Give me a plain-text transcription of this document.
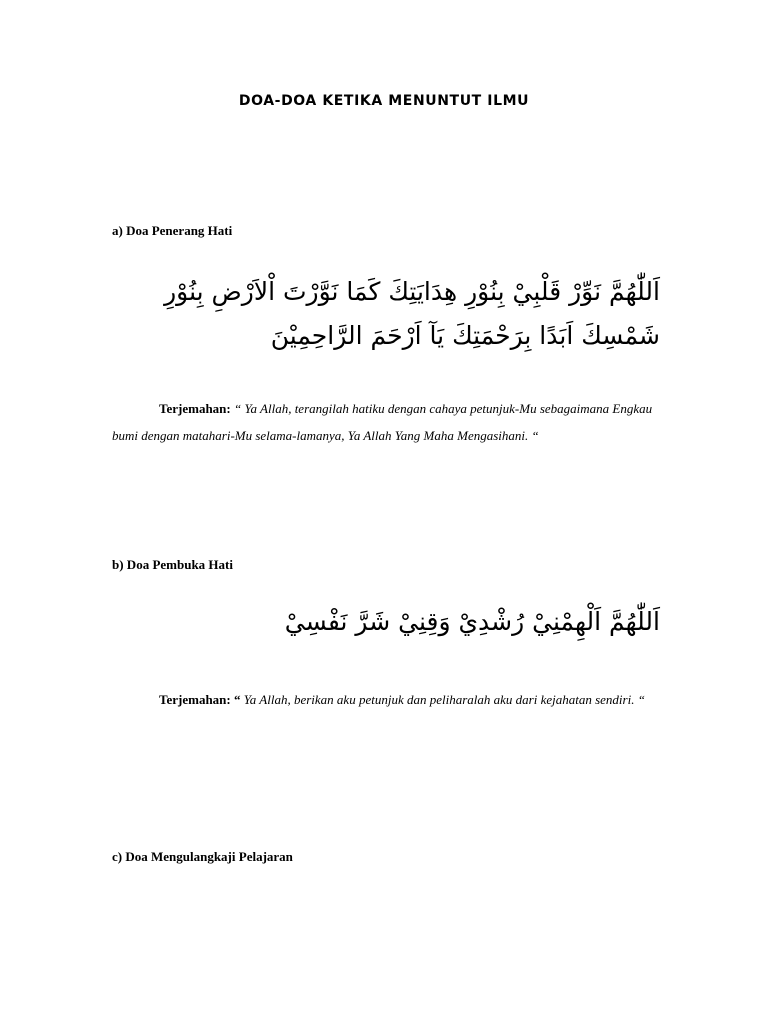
DOA-DOA KETIKA MENUNTUT ILMU
a) Doa Penerang Hati
اَللّٰهُمَّ نَوِّرْ قَلْبِيْ بِنُوْرِ هِدَايَتِكَ كَمَا نَوَّرْتَ اْلاَرْضِ بِنُوْرِ
شَمْسِكَ اَبَدًا بِرَحْمَتِكَ يَآ اَرْحَمَ الرَّاحِمِيْنَ
Terjemahan: “ Ya Allah, terangilah hatiku dengan cahaya petunjuk-Mu sebagaimana Engkau bumi dengan matahari-Mu selama-lamanya, Ya Allah Yang Maha Mengasihani. “
b) Doa Pembuka Hati
اَللّٰهُمَّ اَلْهِمْنِيْ رُشْدِيْ وَقِنِيْ شَرَّ نَفْسِيْ
Terjemahan: “ Ya Allah, berikan aku petunjuk dan peliharalah aku dari kejahatan sendiri. “
c) Doa Mengulangkaji Pelajaran
